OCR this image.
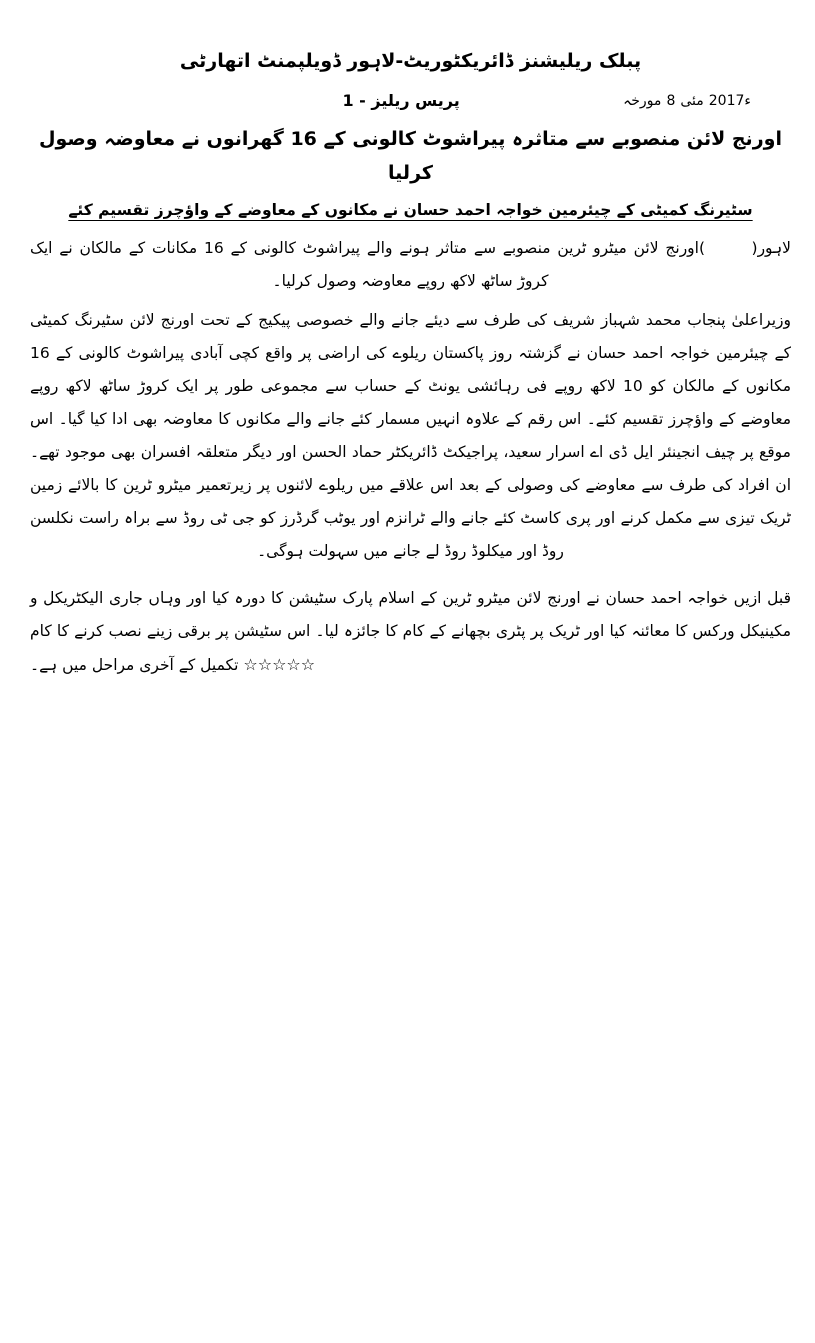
پبلک ریلیشنز ڈائریکٹوریٹ-لاہور ڈویلپمنٹ اتھارٹی
پریس ریلیز - 1	مورخہ 8 مئی 2017ء
اورنج لائن منصوبے سے متاثرہ پیراشوٹ کالونی کے 16 گھرانوں نے معاوضہ وصول کرلیا
سٹیرنگ کمیٹی کے چیئرمین خواجہ احمد حسان نے مکانوں کے معاوضے کے واؤچرز تقسیم کئے

لاہور(   )اورنج لائن میٹرو ٹرین منصوبے سے متاثر ہونے والے پیراشوٹ کالونی کے 16 مکانات کے مالکان نے ایک کروڑ ساٹھ لاکھ روپے معاوضہ وصول کرلیا۔

وزیراعلیٰ پنجاب محمد شہباز شریف کی طرف سے دیئے جانے والے خصوصی پیکیج کے تحت اورنج لائن سٹیرنگ کمیٹی کے چیئرمین خواجہ احمد حسان نے گزشتہ روز پاکستان ریلوے کی اراضی پر واقع کچی آبادی پیراشوٹ کالونی کے 16 مکانوں کے مالکان کو 10 لاکھ روپے فی رہائشی یونٹ کے حساب سے مجموعی طور پر ایک کروڑ ساٹھ لاکھ روپے معاوضے کے واؤچرز تقسیم کئے۔ اس رقم کے علاوہ انہیں مسمار کئے جانے والے مکانوں کا معاوضہ بھی ادا کیا گیا۔ اس موقع پر چیف انجینئر ایل ڈی اے اسرار سعید، پراجیکٹ ڈائریکٹر حماد الحسن اور دیگر متعلقہ افسران بھی موجود تھے۔ ان افراد کی طرف سے معاوضے کی وصولی کے بعد اس علاقے میں ریلوے لائنوں پر زیرتعمیر میٹرو ٹرین کا بالائے زمین ٹریک تیزی سے مکمل کرنے اور پری کاسٹ کئے جانے والے ٹرانزم اور یوٹب گرڈرز کو جی ٹی روڈ سے براہ راست نکلسن روڈ اور میکلوڈ روڈ لے جانے میں سہولت ہوگی۔

قبل ازیں خواجہ احمد حسان نے اورنج لائن میٹرو ٹرین کے اسلام پارک سٹیشن کا دورہ کیا اور وہاں جاری الیکٹریکل و مکینیکل ورکس کا معائنہ کیا اور ٹریک پر پٹری بچھانے کے کام کا جائزہ لیا۔ اس سٹیشن پر برقی زینے نصب کرنے کا کام تکمیل کے آخری مراحل میں ہے۔ ☆☆☆☆☆
